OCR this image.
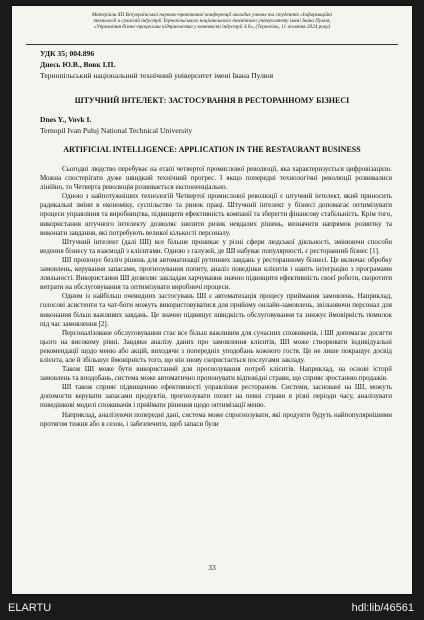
Матеріали XII Всеукраїнської науково-практичної конференції молодих учених та студентів «Інформаційні
технології в сучасній індустрії Тернопільського національного технічного університету імені Івана Пулюя,
«Управління бізнес-процесами підприємства у контексті індустрії 4.0», (Тернопіль, 11 жовтня 2024 року)
УДК 35; 004.896
Днесь Ю.В., Вовк І.П.
Тернопільський національний технічний університет імені Івана Пулюя
ШТУЧНИЙ ІНТЕЛЕКТ: ЗАСТОСУВАННЯ В РЕСТОРАННОМУ БІЗНЕСІ
Dnes Y., Vovk I.
Ternopil Ivan Puluj National Technical University
ARTIFICIAL INTELLIGENCE: APPLICATION IN THE RESTAURANT BUSINESS

Сьогодні людство перебуває на етапі четвертої промислової революції, яка характеризується цифровізацією. Можна спостерігати дуже швидкий технічний прогрес. І якщо попередні технологічні революції розвивалися лінійно, то Четверта революція розвивається експоненціально.

Одною з найпотужніших технологій Четвертої промислової революції є штучний інтелект, який приносить радикальні зміни в економіку, суспільство та ринок праці. Штучний інтелект у бізнесі допомагає оптимізувати процеси управління та виробництва, підвищити ефективність компанії та зберегти фінансову стабільність. Крім того, використання штучного інтелекту дозволяє знизити ризик невдалих рішень, визначити напрямок розвитку та виконати завдання, які потребують великої кількості персоналу.

Штучний інтелект (далі ШІ) все більше проникає у різні сфери людської діяльності, змінюючи способи ведення бізнесу та взаємодії з клієнтами. Одною з галузей, де ШІ набуває популярності, є ресторанний бізнес [1].

ШІ пропонує безліч рішень для автоматизації рутинних завдань у ресторанному бізнесі. Це включає обробку замовлень, керування запасами, прогнозування попиту, аналіз поведінки клієнтів і навіть інтеграцію з програмами лояльності. Використання ШІ дозволяє закладам харчування значно підвищити ефективність своєї роботи, скоротити витрати на обслуговування та оптимізувати виробничі процеси.

Одним із найбільш очевидних застосувань ШІ є автоматизація процесу приймання замовлень. Наприклад, голосові асистенти та чат-боти можуть використовуватися для прийому онлайн-замовлень, звільняючи персонал для виконання більш важливих завдань. Це значно підвищує швидкість обслуговування та знижує ймовірність помилок під час замовлення [2].

Персоналізоване обслуговування стає все більш важливим для сучасних споживачів, і ШІ допомагає досягти цього на високому рівні. Завдяки аналізу даних про замовлення клієнтів, ШІ може створювати індивідуальні рекомендації щодо меню або акцій, виходячи з попередніх уподобань кожного гостя. Це не лише покращує досвід клієнта, але й збільшує ймовірність того, що він знову скористається послугами закладу.

Також ШІ може бути використаний для прогнозування потреб клієнтів. Наприклад, на основі історії замовлень та вподобань, система може автоматично пропонувати відповідні страви, що сприяє зростанню продажів.

ШІ також сприяє підвищенню ефективності управління рестораном. Системи, засновані на ШІ, можуть допомогти керувати запасами продуктів, прогнозувати попит на певні страви в різні періоди часу, аналізувати поведінкові моделі споживачів і приймати рішення щодо оптимізації меню.

Наприклад, аналізуючи попередні дані, система може спрогнозувати, які продукти будуть найпопулярнішими протягом тижня або в сезон, і забезпечити, щоб запаси були

33
ELARTU	hdl:lib/46561
